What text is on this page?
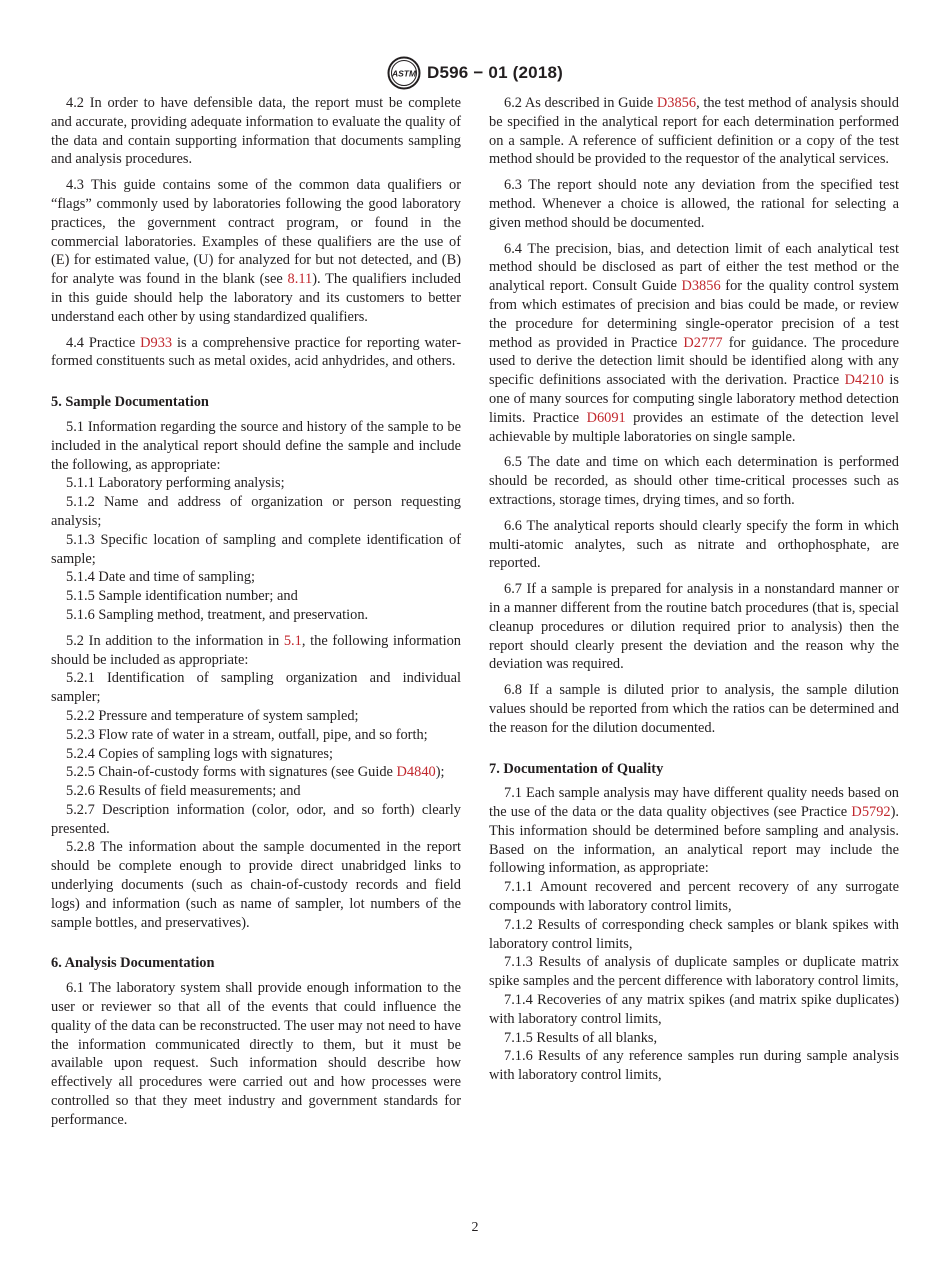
ASTM D596 − 01 (2018)

4.2 In order to have defensible data, the report must be complete and accurate, providing adequate information to evaluate the quality of the data and contain supporting information that documents sampling and analysis procedures.

4.3 This guide contains some of the common data qualifiers or “flags” commonly used by laboratories following the good laboratory practices, the government contract program, or found in the commercial laboratories. Examples of these qualifiers are the use of (E) for estimated value, (U) for analyzed for but not detected, and (B) for analyte was found in the blank (see 8.11). The qualifiers included in this guide should help the laboratory and its customers to better understand each other by using standardized qualifiers.

4.4 Practice D933 is a comprehensive practice for reporting water-formed constituents such as metal oxides, acid anhydrides, and others.

5. Sample Documentation

5.1 Information regarding the source and history of the sample to be included in the analytical report should define the sample and include the following, as appropriate:

5.1.1 Laboratory performing analysis;

5.1.2 Name and address of organization or person requesting analysis;

5.1.3 Specific location of sampling and complete identification of sample;

5.1.4 Date and time of sampling;

5.1.5 Sample identification number; and

5.1.6 Sampling method, treatment, and preservation.

5.2 In addition to the information in 5.1, the following information should be included as appropriate:

5.2.1 Identification of sampling organization and individual sampler;

5.2.2 Pressure and temperature of system sampled;

5.2.3 Flow rate of water in a stream, outfall, pipe, and so forth;

5.2.4 Copies of sampling logs with signatures;

5.2.5 Chain-of-custody forms with signatures (see Guide D4840);

5.2.6 Results of field measurements; and

5.2.7 Description information (color, odor, and so forth) clearly presented.

5.2.8 The information about the sample documented in the report should be complete enough to provide direct unabridged links to underlying documents (such as chain-of-custody records and field logs) and information (such as name of sampler, lot numbers of the sample bottles, and preservatives).

6. Analysis Documentation

6.1 The laboratory system shall provide enough information to the user or reviewer so that all of the events that could influence the quality of the data can be reconstructed. The user may not need to have the information communicated directly to them, but it must be available upon request. Such information should describe how effectively all procedures were carried out and how processes were controlled so that they meet industry and government standards for performance.

6.2 As described in Guide D3856, the test method of analysis should be specified in the analytical report for each determination performed on a sample. A reference of sufficient definition or a copy of the test method should be provided to the requestor of the analytical services.

6.3 The report should note any deviation from the specified test method. Whenever a choice is allowed, the rational for selecting a given method should be documented.

6.4 The precision, bias, and detection limit of each analytical test method should be disclosed as part of either the test method or the analytical report. Consult Guide D3856 for the quality control system from which estimates of precision and bias could be made, or review the procedure for determining single-operator precision of a test method as provided in Practice D2777 for guidance. The procedure used to derive the detection limit should be identified along with any specific definitions associated with the derivation. Practice D4210 is one of many sources for computing single laboratory method detection limits. Practice D6091 provides an estimate of the detection level achievable by multiple laboratories on single sample.

6.5 The date and time on which each determination is performed should be recorded, as should other time-critical processes such as extractions, storage times, drying times, and so forth.

6.6 The analytical reports should clearly specify the form in which multi-atomic analytes, such as nitrate and orthophosphate, are reported.

6.7 If a sample is prepared for analysis in a nonstandard manner or in a manner different from the routine batch procedures (that is, special cleanup procedures or dilution required prior to analysis) then the report should clearly present the deviation and the reason why the deviation was required.

6.8 If a sample is diluted prior to analysis, the sample dilution values should be reported from which the ratios can be determined and the reason for the dilution documented.

7. Documentation of Quality

7.1 Each sample analysis may have different quality needs based on the use of the data or the data quality objectives (see Practice D5792). This information should be determined before sampling and analysis. Based on the information, an analytical report may include the following information, as appropriate:

7.1.1 Amount recovered and percent recovery of any surrogate compounds with laboratory control limits,

7.1.2 Results of corresponding check samples or blank spikes with laboratory control limits,

7.1.3 Results of analysis of duplicate samples or duplicate matrix spike samples and the percent difference with laboratory control limits,

7.1.4 Recoveries of any matrix spikes (and matrix spike duplicates) with laboratory control limits,

7.1.5 Results of all blanks,

7.1.6 Results of any reference samples run during sample analysis with laboratory control limits,

2
